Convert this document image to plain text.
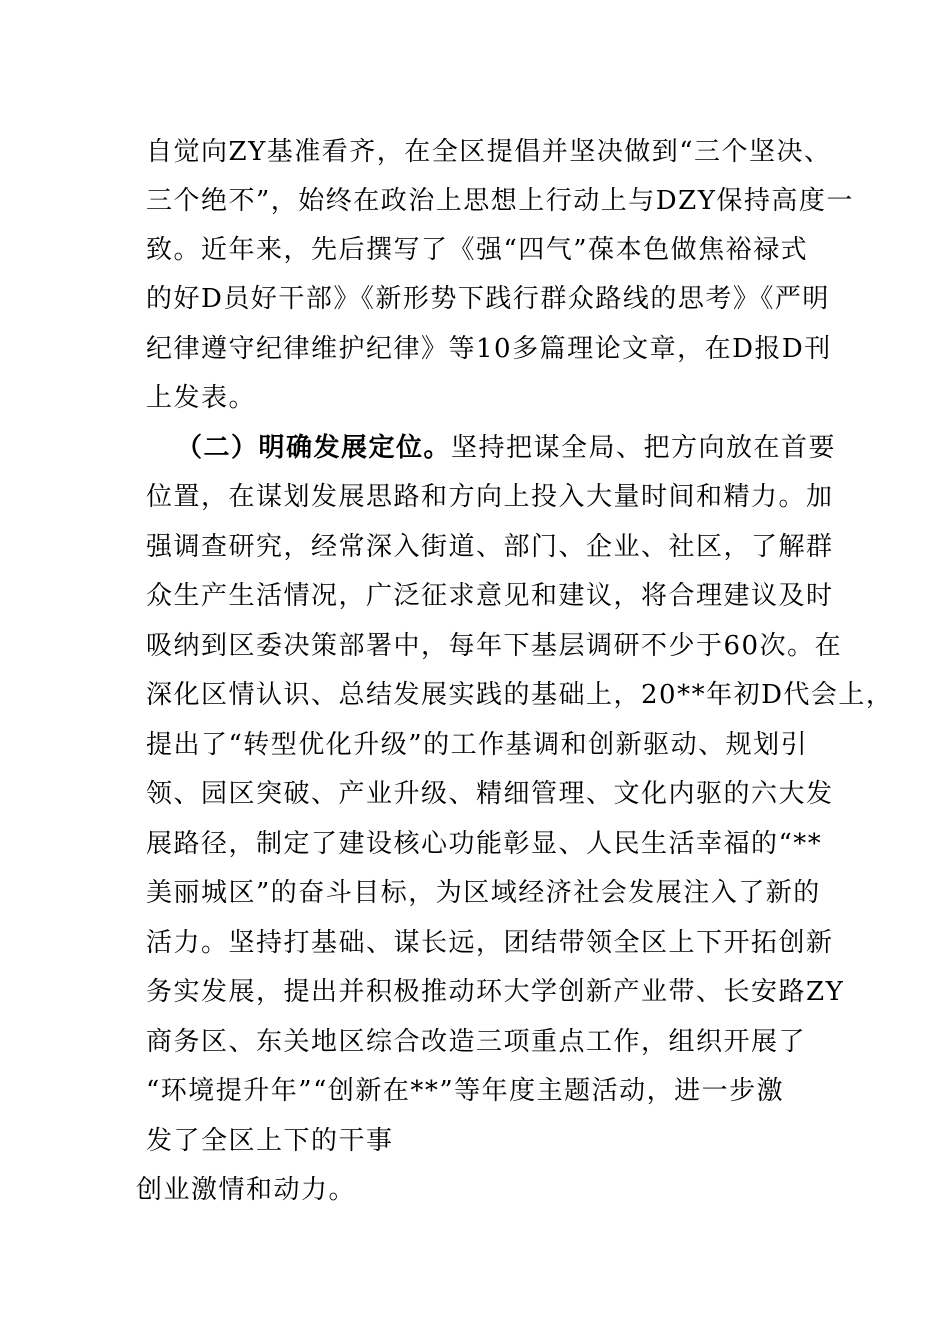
自觉向ZY基准看齐，在全区提倡并坚决做到“三个坚决、
三个绝不”，始终在政治上思想上行动上与DZY保持高度一
致。近年来，先后撰写了《强“四气”葆本色做焦裕禄式
的好D员好干部》《新形势下践行群众路线的思考》《严明
纪律遵守纪律维护纪律》等10多篇理论文章，在D报D刊
上发表。
（二）明确发展定位。坚持把谋全局、把方向放在首要
位置，在谋划发展思路和方向上投入大量时间和精力。加
强调查研究，经常深入街道、部门、企业、社区，了解群
众生产生活情况，广泛征求意见和建议，将合理建议及时
吸纳到区委决策部署中，每年下基层调研不少于60次。在
深化区情认识、总结发展实践的基础上，20**年初D代会上，
提出了“转型优化升级”的工作基调和创新驱动、规划引
领、园区突破、产业升级、精细管理、文化内驱的六大发
展路径，制定了建设核心功能彰显、人民生活幸福的“**
美丽城区”的奋斗目标，为区域经济社会发展注入了新的
活力。坚持打基础、谋长远，团结带领全区上下开拓创新
务实发展，提出并积极推动环大学创新产业带、长安路ZY
商务区、东关地区综合改造三项重点工作，组织开展了
“环境提升年”“创新在**”等年度主题活动，进一步激
发了全区上下的干事
创业激情和动力。
